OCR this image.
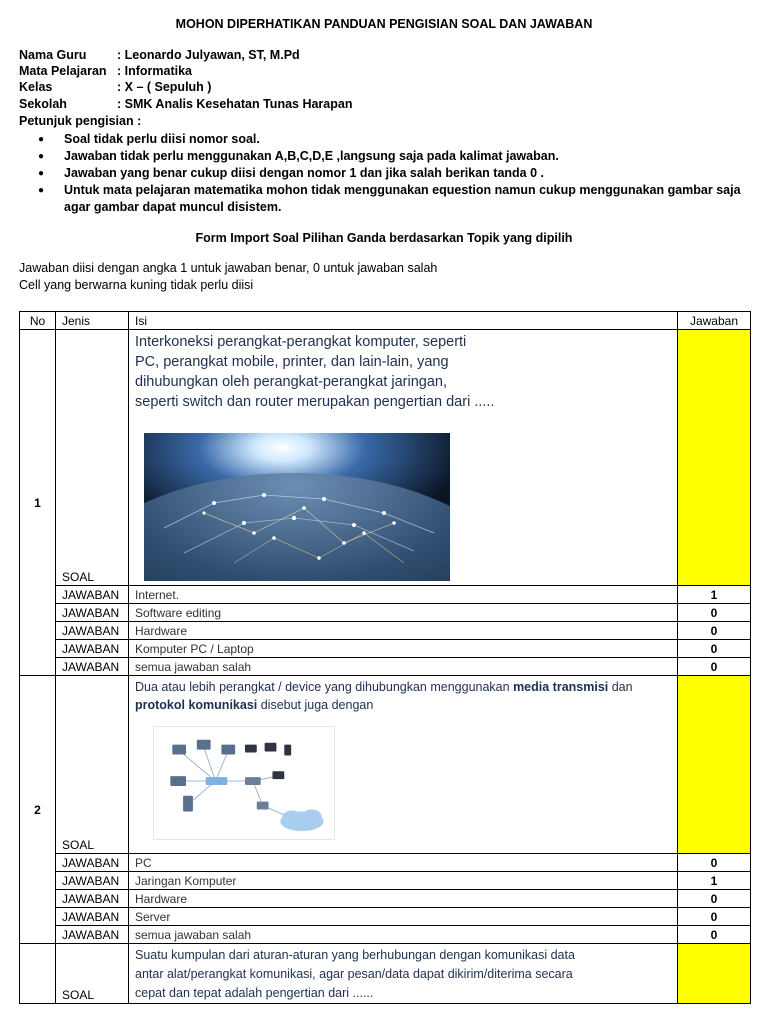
MOHON DIPERHATIKAN PANDUAN PENGISIAN SOAL DAN JAWABAN
Nama Guru : Leonardo Julyawan, ST, M.Pd
Mata Pelajaran : Informatika
Kelas	: X – ( Sepuluh )
Sekolah	: SMK Analis Kesehatan Tunas Harapan
Petunjuk pengisian :
● Soal tidak perlu diisi nomor soal.
● Jawaban tidak perlu menggunakan A,B,C,D,E ,langsung saja pada kalimat jawaban.
● Jawaban yang benar cukup diisi dengan nomor 1 dan jika salah berikan tanda 0 .
● Untuk mata pelajaran matematika mohon tidak menggunakan equestion namun cukup menggunakan gambar saja agar gambar dapat muncul disistem.
Form Import Soal Pilihan Ganda berdasarkan Topik yang dipilih
Jawaban diisi dengan angka 1 untuk jawaban benar, 0 untuk jawaban salah
Cell yang berwarna kuning tidak perlu diisi
No	Jenis	Isi	Jawaban
1	SOAL	Interkoneksi perangkat-perangkat komputer, seperti
PC, perangkat mobile, printer, dan lain-lain, yang
dihubungkan oleh perangkat-perangkat jaringan,
seperti switch dan router merupakan pengertian dari .....	

	JAWABAN	Internet.	1
	JAWABAN	Software editing	0
	JAWABAN	Hardware	0
	JAWABAN	Komputer PC / Laptop	0
	JAWABAN	semua jawaban salah	0
2	SOAL	Dua atau lebih perangkat / device yang dihubungkan menggunakan media transmisi dan protokol komunikasi disebut juga dengan	

	JAWABAN	PC	0
	JAWABAN	Jaringan Komputer	1
	JAWABAN	Hardware	0
	JAWABAN	Server	0
	JAWABAN	semua jawaban salah	0
	SOAL	Suatu kumpulan dari aturan-aturan yang berhubungan dengan komunikasi data
antar alat/perangkat komunikasi, agar pesan/data dapat dikirim/diterima secara
cepat dan tepat adalah pengertian dari ......	
